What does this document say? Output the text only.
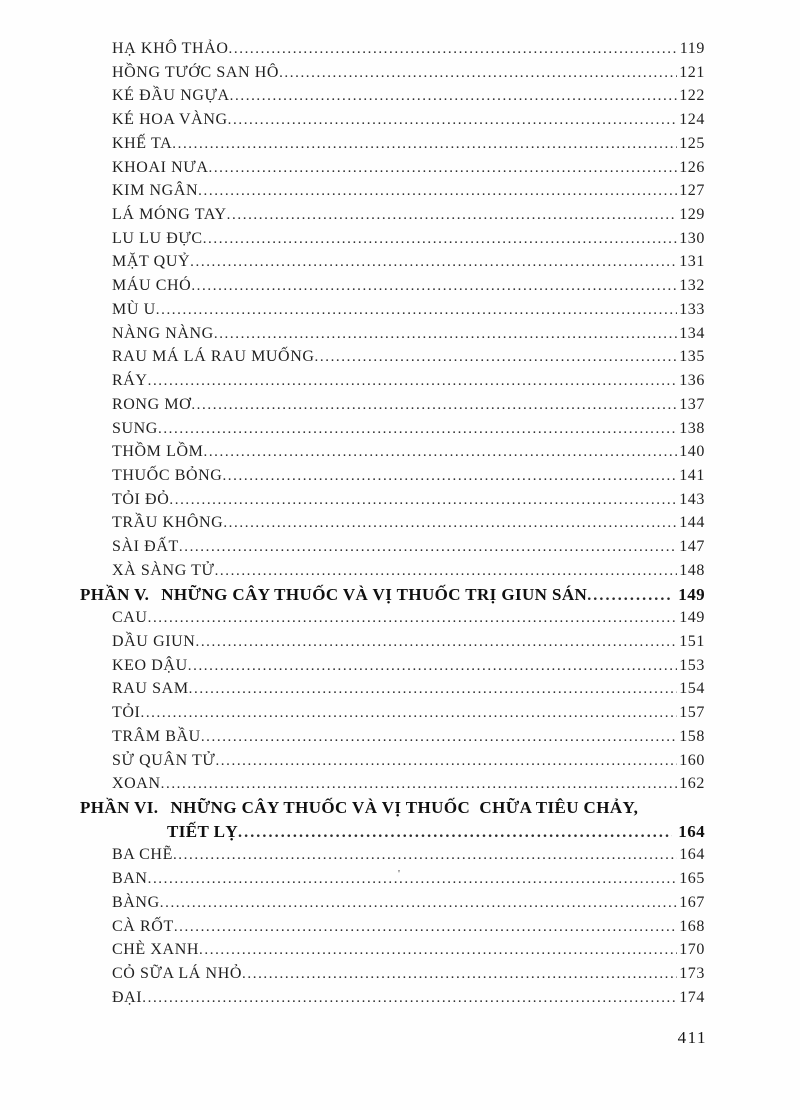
HẠ KHÔ THẢO .....	119
HỒNG TƯỚC SAN HÔ .....	121
KÉ ĐẦU NGỰA .....	122
KÉ HOA VÀNG .....	124
KHẾ TA .....	125
KHOAI NƯA .....	126
KIM NGÂN .....	127
LÁ MÓNG TAY .....	129
LU LU ĐỰC .....	130
MẶT QUỶ .....	131
MÁU CHÓ .....	132
MÙ U .....	133
NÀNG NÀNG .....	134
RAU MÁ LÁ RAU MUỐNG .....	135
RÁY .....	136
RONG MƠ .....	137
SUNG .....	138
THỒM LỒM .....	140
THUỐC BỎNG .....	141
TỎI ĐỎ .....	143
TRẦU KHÔNG .....	144
SÀI ĐẤT .....	147
XÀ SÀNG TỬ .....	148
PHẦN V. NHỮNG CÂY THUỐC VÀ VỊ THUỐC TRỊ GIUN SÁN .....	149
CAU .....	149
DẦU GIUN .....	151
KEO DẬU .....	153
RAU SAM .....	154
TỎI .....	157
TRÂM BẦU .....	158
SỬ QUÂN TỬ .....	160
XOAN .....	162
PHẦN VI. NHỮNG CÂY THUỐC VÀ VỊ THUỐC  CHỮA TIÊU CHẢY,
TIẾT LỴ .....	164
BA CHẼ .....	164
BAN .....	165
BÀNG .....	167
CÀ RỐT .....	168
CHÈ XANH .....	170
CỎ SỮA LÁ NHỎ .....	173
ĐẠI .....	174
'
411
